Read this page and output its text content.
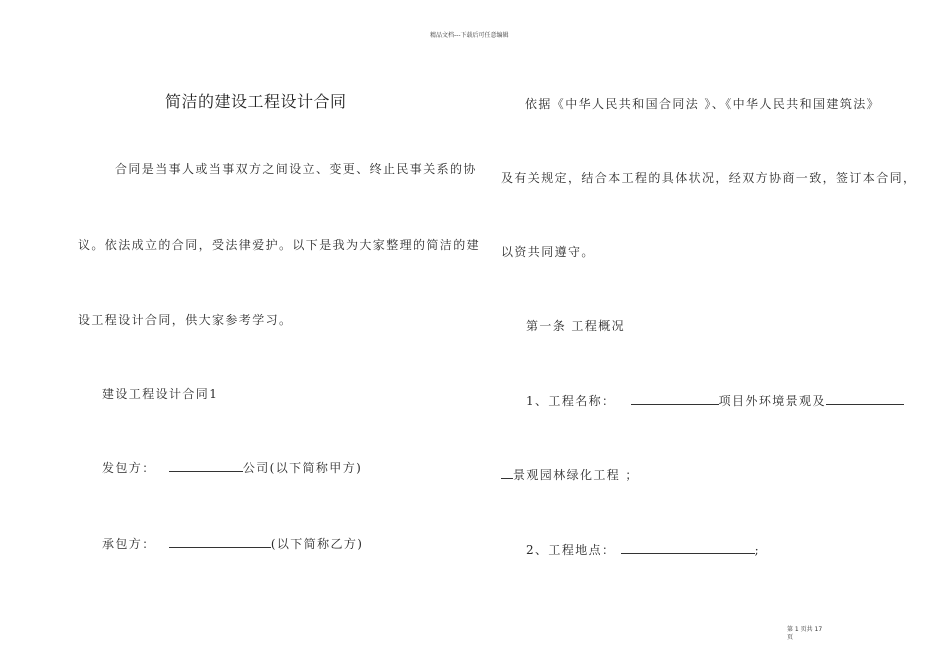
精品文档---下载后可任意编辑
简洁的建设工程设计合同
合同是当事人或当事双方之间设立、变更、终止民事关系的协
议。依法成立的合同，受法律爱护。以下是我为大家整理的简洁的建
设工程设计合同，供大家参考学习。
建设工程设计合同1
发包方：	公司(以下简称甲方)
承包方：	(以下简称乙方)
依据《中华人民共和国合同法 》、《中华人民共和国建筑法》
及有关规定，结合本工程的具体状况，经双方协商一致，签订本合同，
以资共同遵守。
第一条 工程概况
1、工程名称：	项目外环境景观及
景观园林绿化工程 ；
2、工程地点：	;
第 1 页共 17
页
